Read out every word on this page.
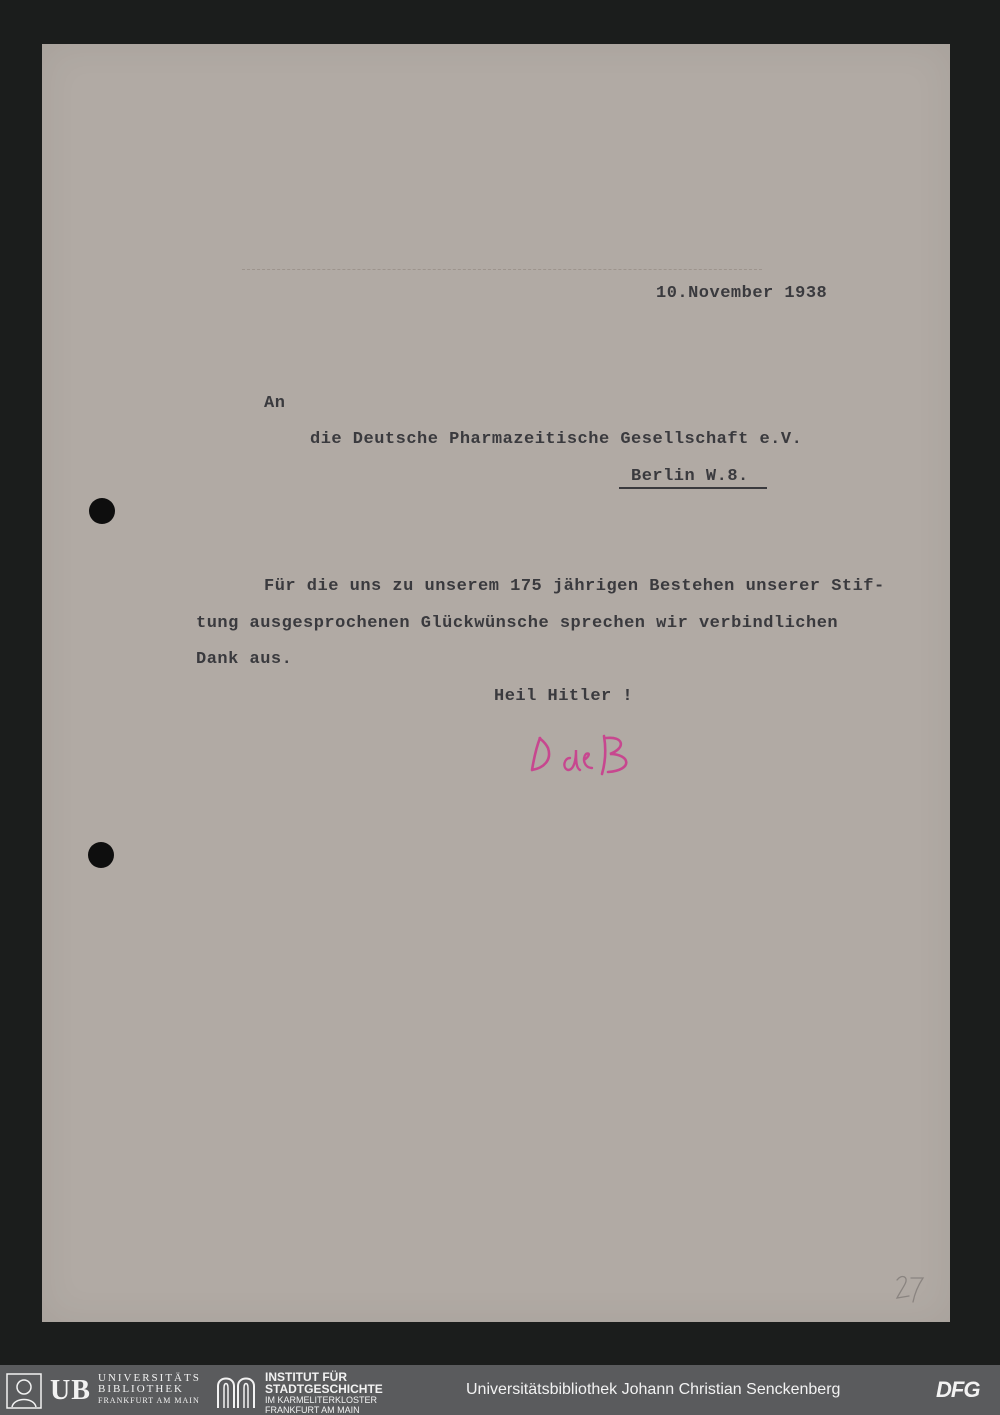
10.November 1938
An
die Deutsche Pharmazeitische Gesellschaft e.V.
Berlin W.8.
Für die uns zu unserem 175 jährigen Bestehen unserer Stif-
tung ausgesprochenen Glückwünsche sprechen wir verbindlichen
Dank aus.
Heil Hitler !
UB UNIVERSITÄTS
BIBLIOTHEK
FRANKFURT AM MAIN
INSTITUT FÜR
STADTGESCHICHTE
IM KARMELITERKLOSTER
FRANKFURT AM MAIN
Universitätsbibliothek Johann Christian Senckenberg	DFG
